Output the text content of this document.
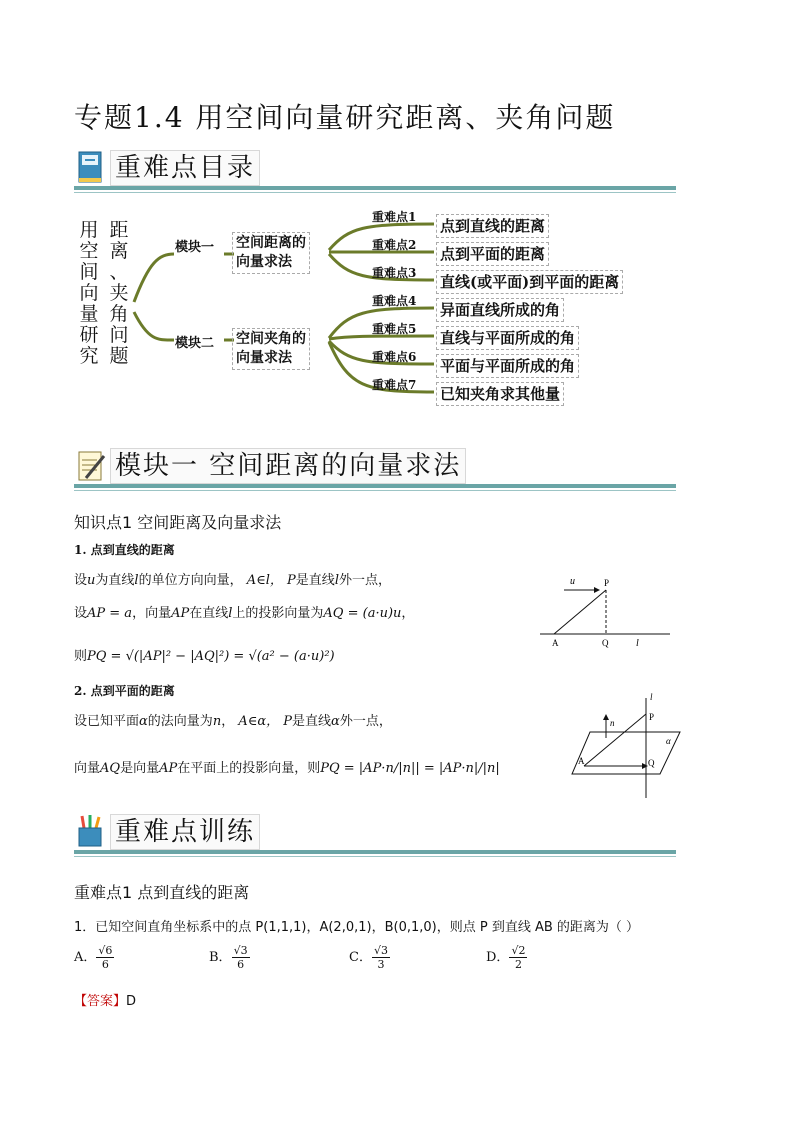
专题1.4 用空间向量研究距离、夹角问题
重难点目录
用
空
间
向
量
研
究
距
离
、
夹
角
问
题
模块一 空间距离的
向量求法
模块二 空间夹角的
向量求法
重难点1 点到直线的距离
重难点2 点到平面的距离
重难点3 直线(或平面)到平面的距离
重难点4 异面直线所成的角
重难点5 直线与平面所成的角
重难点6 平面与平面所成的角
重难点7 已知夹角求其他量
模块一 空间距离的向量求法
知识点1 空间距离及向量求法
1. 点到直线的距离
设u为直线l的单位方向向量， A∈l， P是直线l外一点，
设AP = a，向量AP在直线l上的投影向量为AQ = (a·u)u，
则PQ = √(|AP|² − |AQ|²) = √(a² − (a·u)²)
u	P
A	Q	l
2. 点到平面的距离
设已知平面α的法向量为n， A∈α， P是直线α外一点，
向量AQ是向量AP在平面上的投影向量，则PQ = |AP·n/|n|| = |AP·n|/|n|
l
n
P
α
A	Q
重难点训练
重难点1 点到直线的距离
1．已知空间直角坐标系中的点 P(1,1,1)，A(2,0,1)，B(0,1,0)，则点 P 到直线 AB 的距离为（ ）
A． $\frac{√6}{6}$	B． $\frac{√3}{6}$	C． $\frac{√3}{3}$	D． $\frac{√2}{2}$
【答案】D
